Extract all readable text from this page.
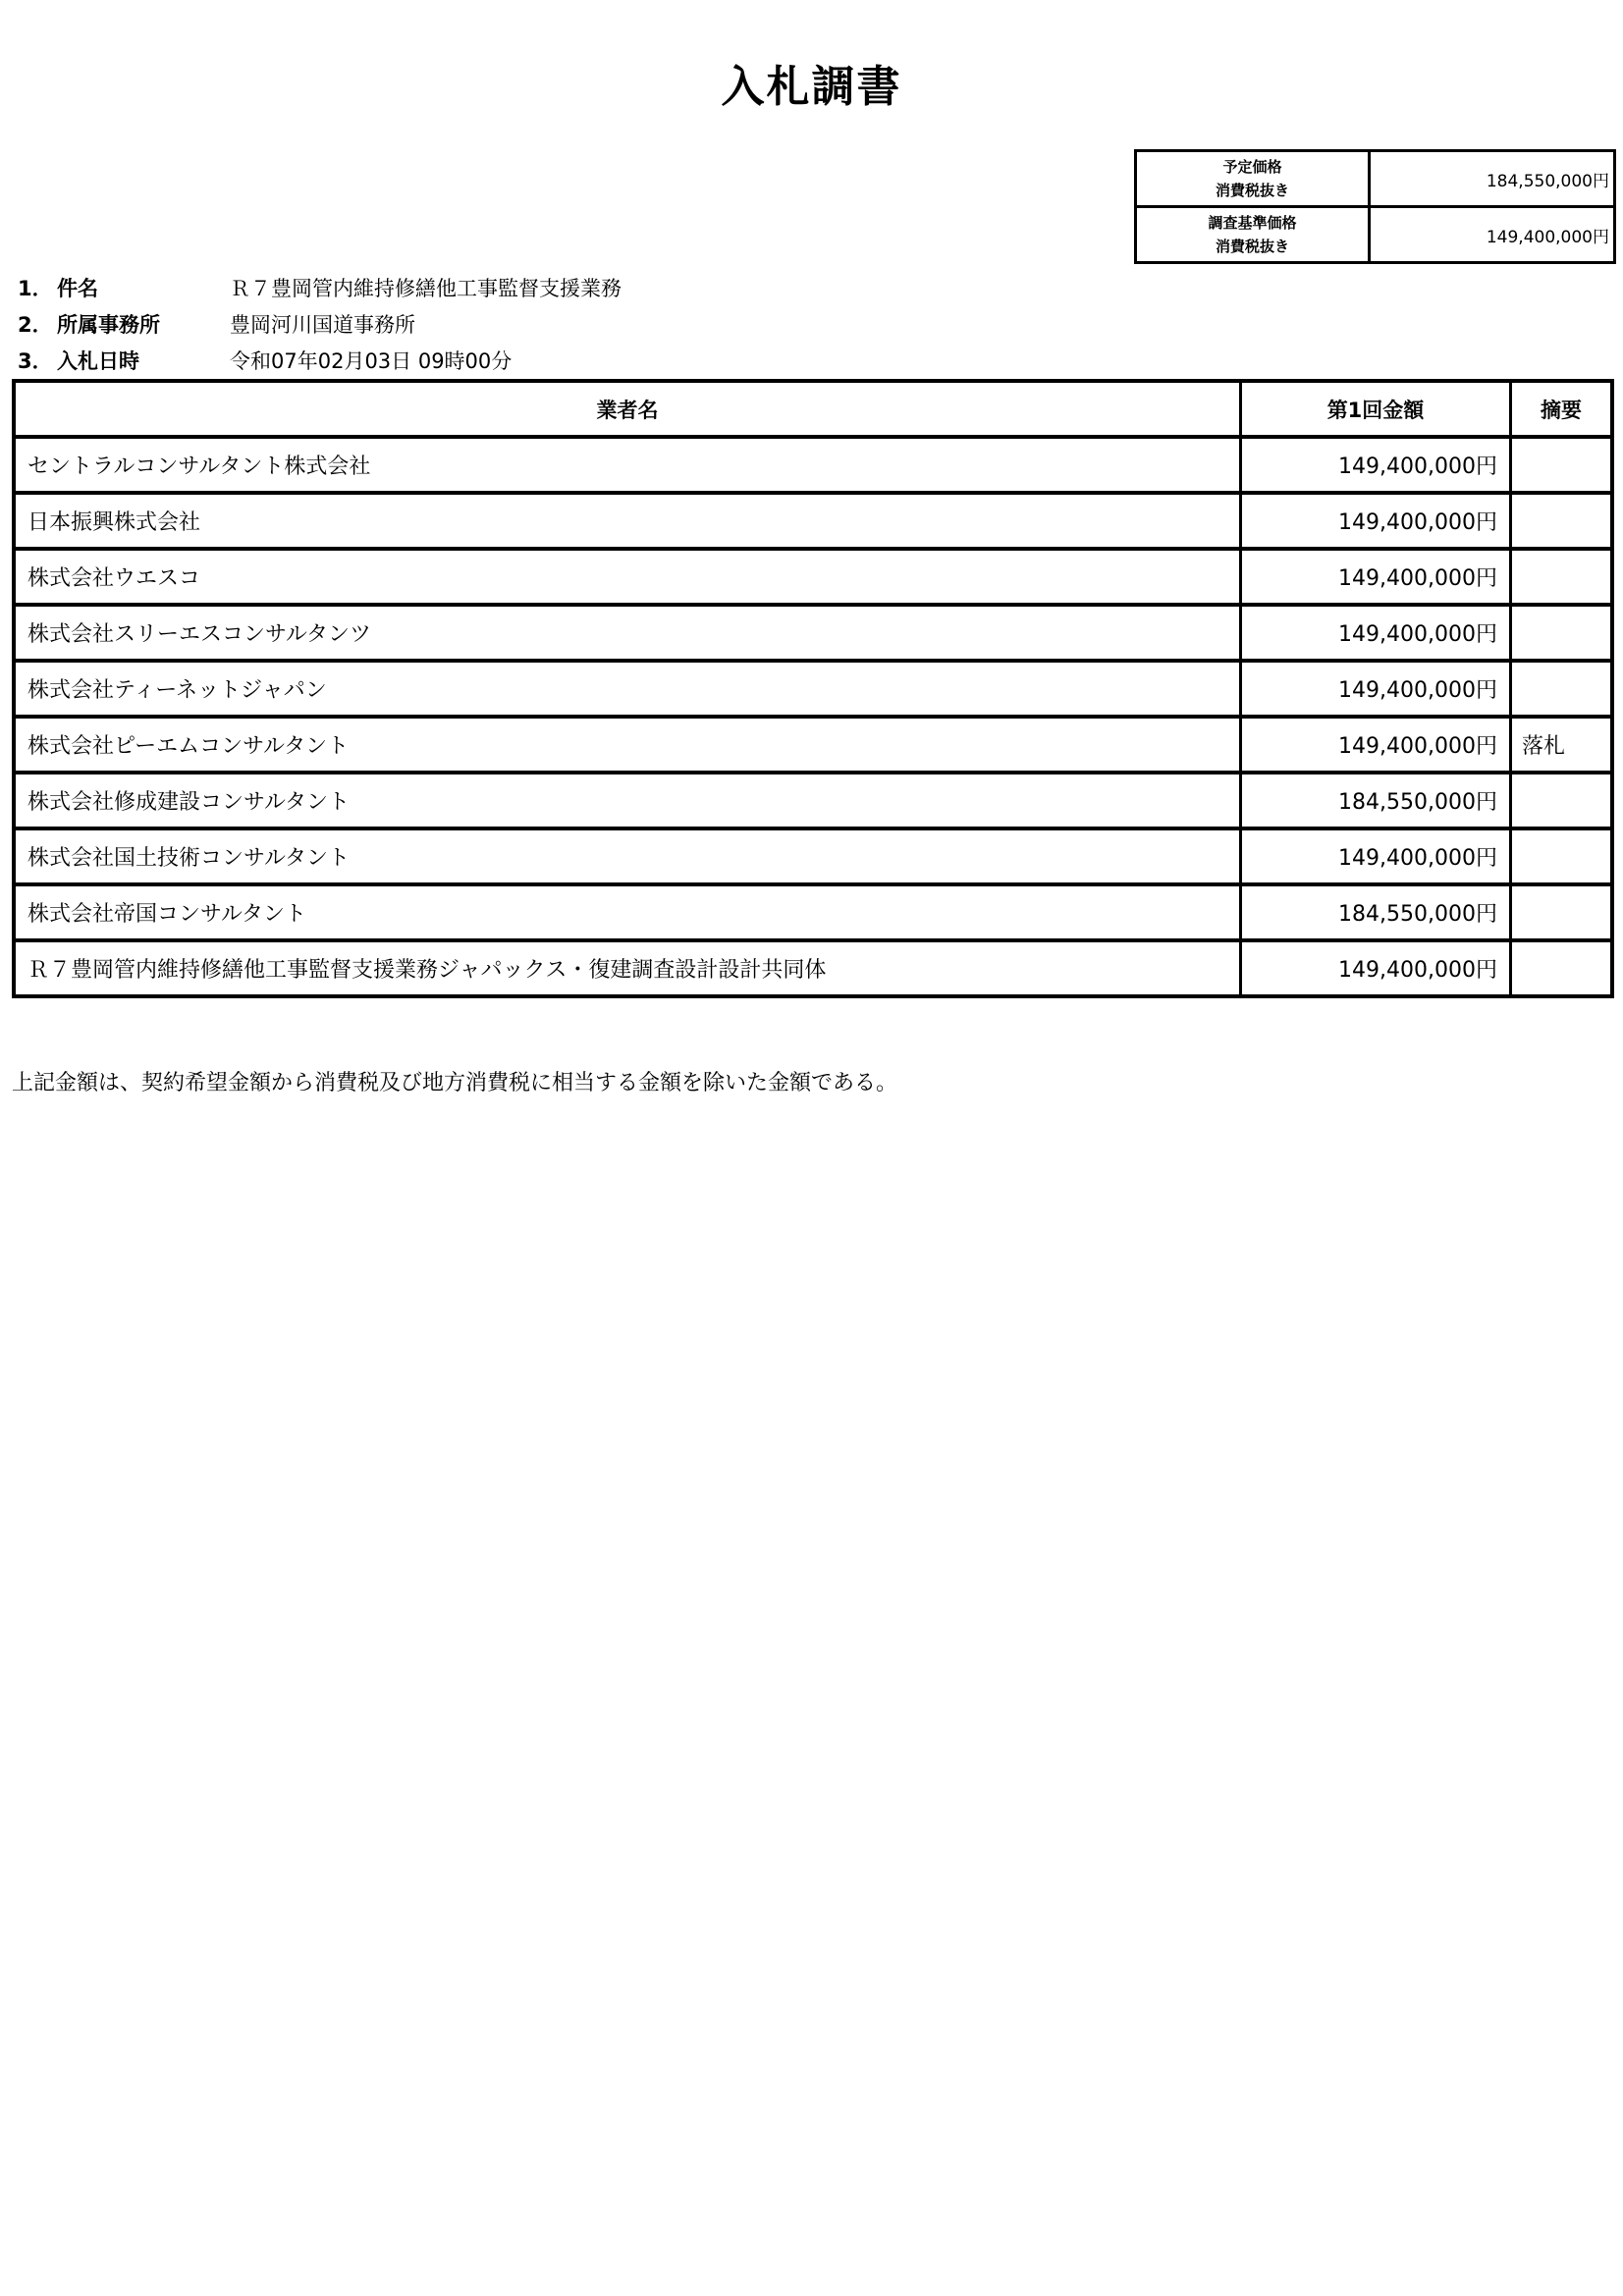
入札調書
予定価格
消費税抜き	184,550,000円

調査基準価格
消費税抜き	149,400,000円
1． 件名	Ｒ７豊岡管内維持修繕他工事監督支援業務
2． 所属事務所	豊岡河川国道事務所
3． 入札日時	令和07年02月03日 09時00分
業者名	第1回金額	摘要
セントラルコンサルタント株式会社	149,400,000円	
日本振興株式会社	149,400,000円	
株式会社ウエスコ	149,400,000円	
株式会社スリーエスコンサルタンツ	149,400,000円	
株式会社ティーネットジャパン	149,400,000円	
株式会社ピーエムコンサルタント	149,400,000円	落札
株式会社修成建設コンサルタント	184,550,000円	
株式会社国土技術コンサルタント	149,400,000円	
株式会社帝国コンサルタント	184,550,000円	
Ｒ７豊岡管内維持修繕他工事監督支援業務ジャパックス・復建調査設計設計共同体	149,400,000円	
上記金額は、契約希望金額から消費税及び地方消費税に相当する金額を除いた金額である。
